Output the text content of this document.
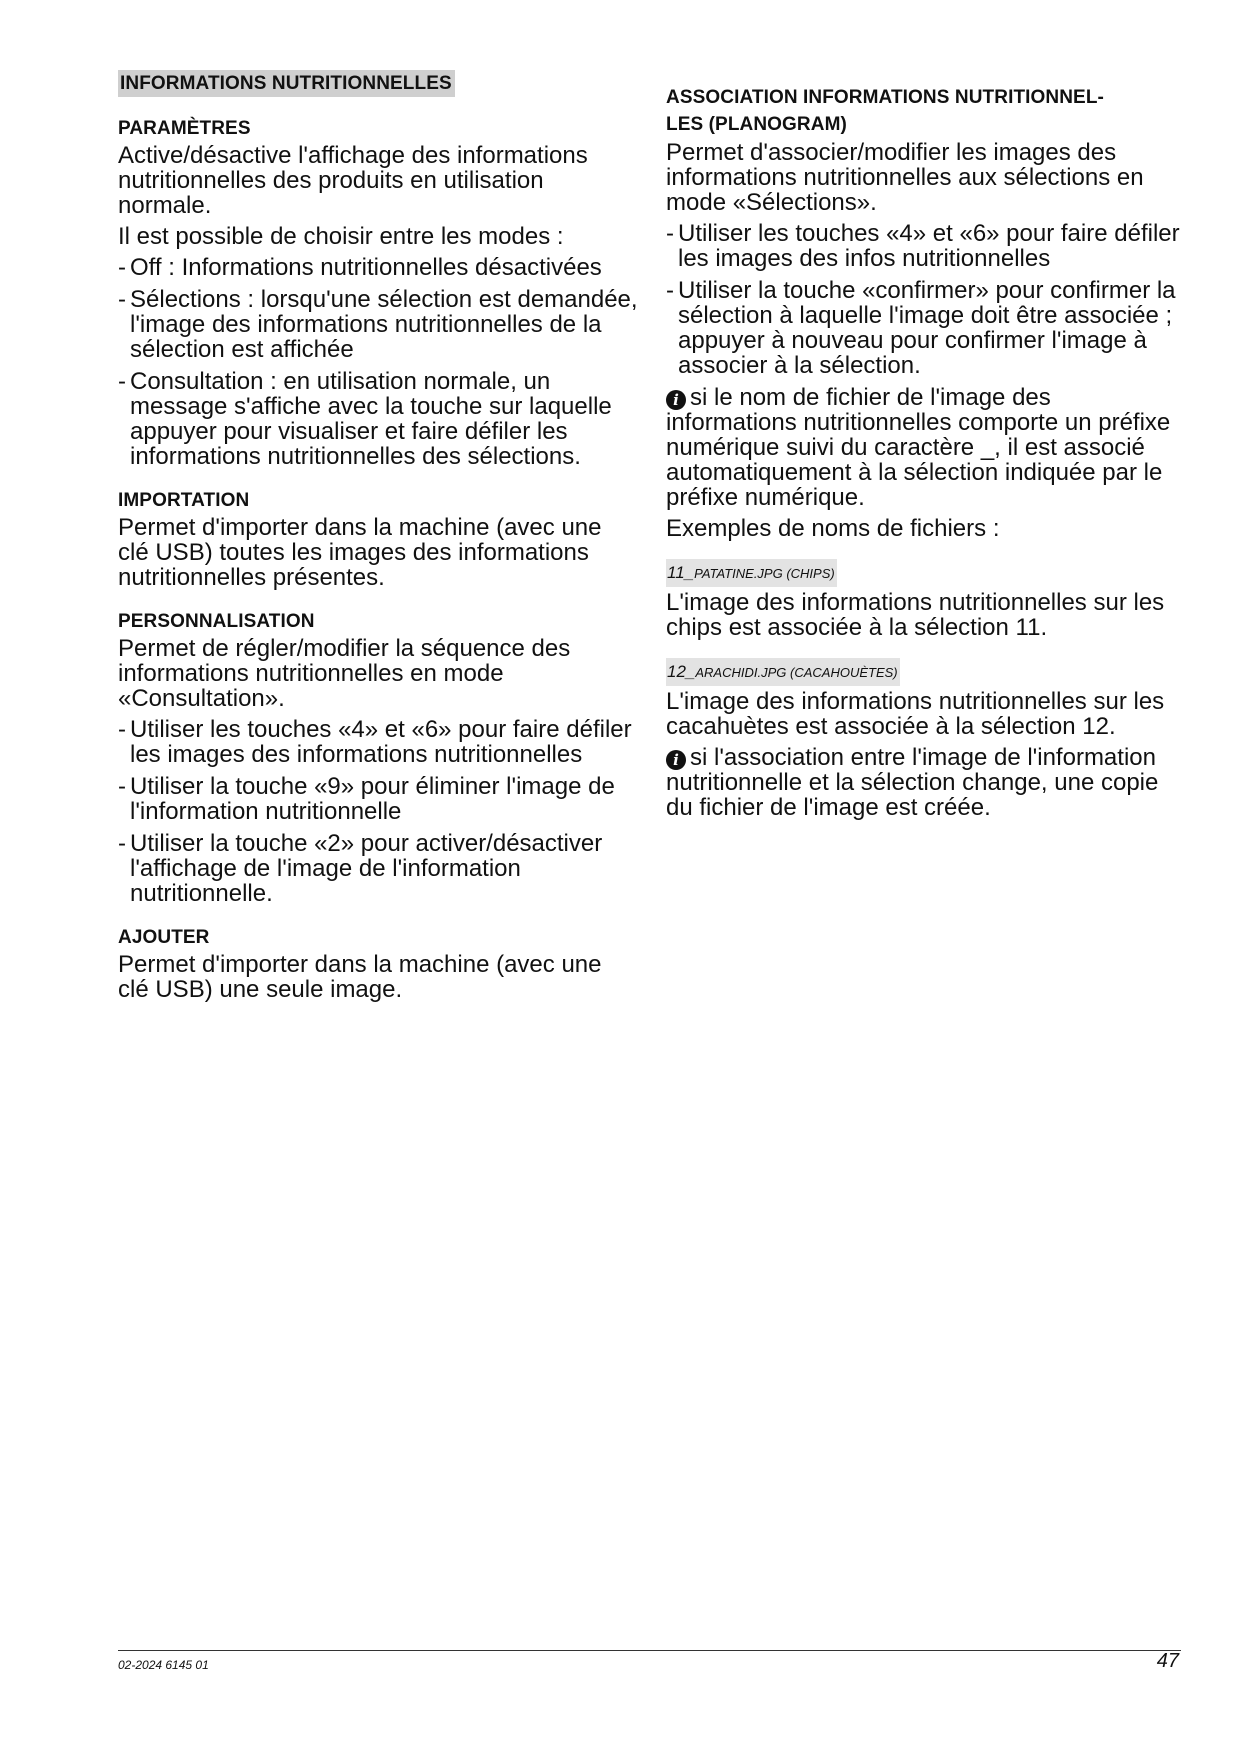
INFORMATIONS NUTRITIONNELLES
PARAMÈTRES

Active/désactive l'affichage des informations nutritionnelles des produits en utilisation normale.

Il est possible de choisir entre les modes :

- Off : Informations nutritionnelles désactivées
- Sélections : lorsqu'une sélection est demandée, l'image des informations nutritionnelles de la sélection est affichée
- Consultation : en utilisation normale, un message s'affiche avec la touche sur laquelle appuyer pour visualiser et faire défiler les informations nutritionnelles des sélections.
IMPORTATION

Permet d'importer dans la machine (avec une clé USB) toutes les images des informations nutritionnelles présentes.

PERSONNALISATION

Permet de régler/modifier la séquence des informations nutritionnelles en mode «Consultation».

- Utiliser les touches «4» et «6» pour faire défiler les images des informations nutritionnelles
- Utiliser la touche «9» pour éliminer l'image de l'information nutritionnelle
- Utiliser la touche «2» pour activer/désactiver l'affichage de l'image de l'information nutritionnelle.
AJOUTER

Permet d'importer dans la machine (avec une clé USB) une seule image.

ASSOCIATION INFORMATIONS NUTRITIONNEL-
LES (PLANOGRAM)

Permet d'associer/modifier les images des informations nutritionnelles aux sélections en mode «Sélections».

- Utiliser les touches «4» et «6» pour faire défiler les images des infos nutritionnelles
- Utiliser la touche «confirmer» pour confirmer la sélection à laquelle l'image doit être associée ; appuyer à nouveau pour confirmer l'image à associer à la sélection.

i si le nom de fichier de l'image des informations nutritionnelles comporte un préfixe numérique suivi du caractère _, il est associé automatiquement à la sélection indiquée par le préfixe numérique.

Exemples de noms de fichiers :

11_PATATINE.JPG (CHIPS)

L'image des informations nutritionnelles sur les chips est associée à la sélection 11.

12_ARACHIDI.JPG (CACAHOUÈTES)

L'image des informations nutritionnelles sur les cacahuètes est associée à la sélection 12.

i si l'association entre l'image de l'information nutritionnelle et la sélection change, une copie du fichier de l'image est créée.

02-2024 6145 01	47
